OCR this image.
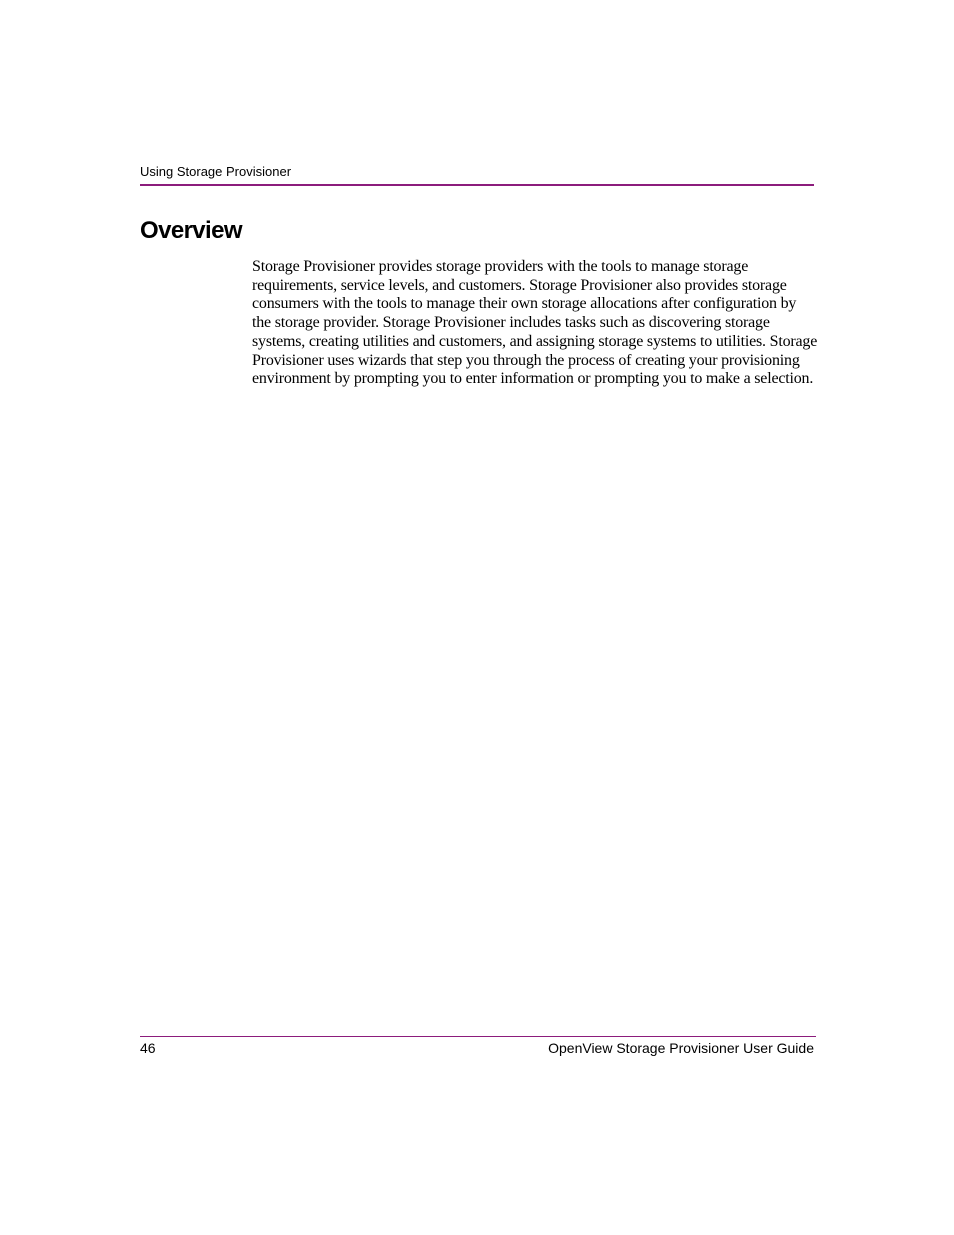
Using Storage Provisioner
Overview

Storage Provisioner provides storage providers with the tools to manage storage requirements, service levels, and customers. Storage Provisioner also provides storage consumers with the tools to manage their own storage allocations after configuration by the storage provider. Storage Provisioner includes tasks such as discovering storage systems, creating utilities and customers, and assigning storage systems to utilities. Storage Provisioner uses wizards that step you through the process of creating your provisioning environment by prompting you to enter information or prompting you to make a selection.

46	OpenView Storage Provisioner User Guide
